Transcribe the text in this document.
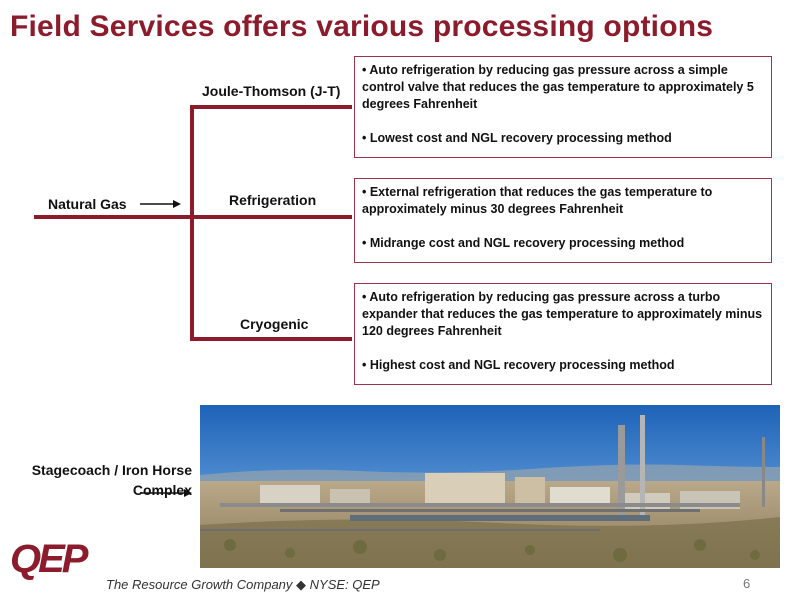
Field Services offers various processing options
Natural Gas
Joule-Thomson (J-T)
Refrigeration
Cryogenic

• Auto refrigeration by reducing gas pressure across a simple control valve that reduces the gas temperature to approximately 5 degrees Fahrenheit

• Lowest cost and NGL recovery processing method

• External refrigeration that reduces the gas temperature to approximately minus 30 degrees Fahrenheit

• Midrange cost and NGL recovery processing method

• Auto refrigeration by reducing gas pressure across a turbo expander that reduces the gas temperature to approximately minus 120 degrees Fahrenheit

• Highest cost and NGL recovery processing method

Stagecoach / Iron Horse
Complex
QEP
The Resource Growth Company ◆ NYSE: QEP	6
